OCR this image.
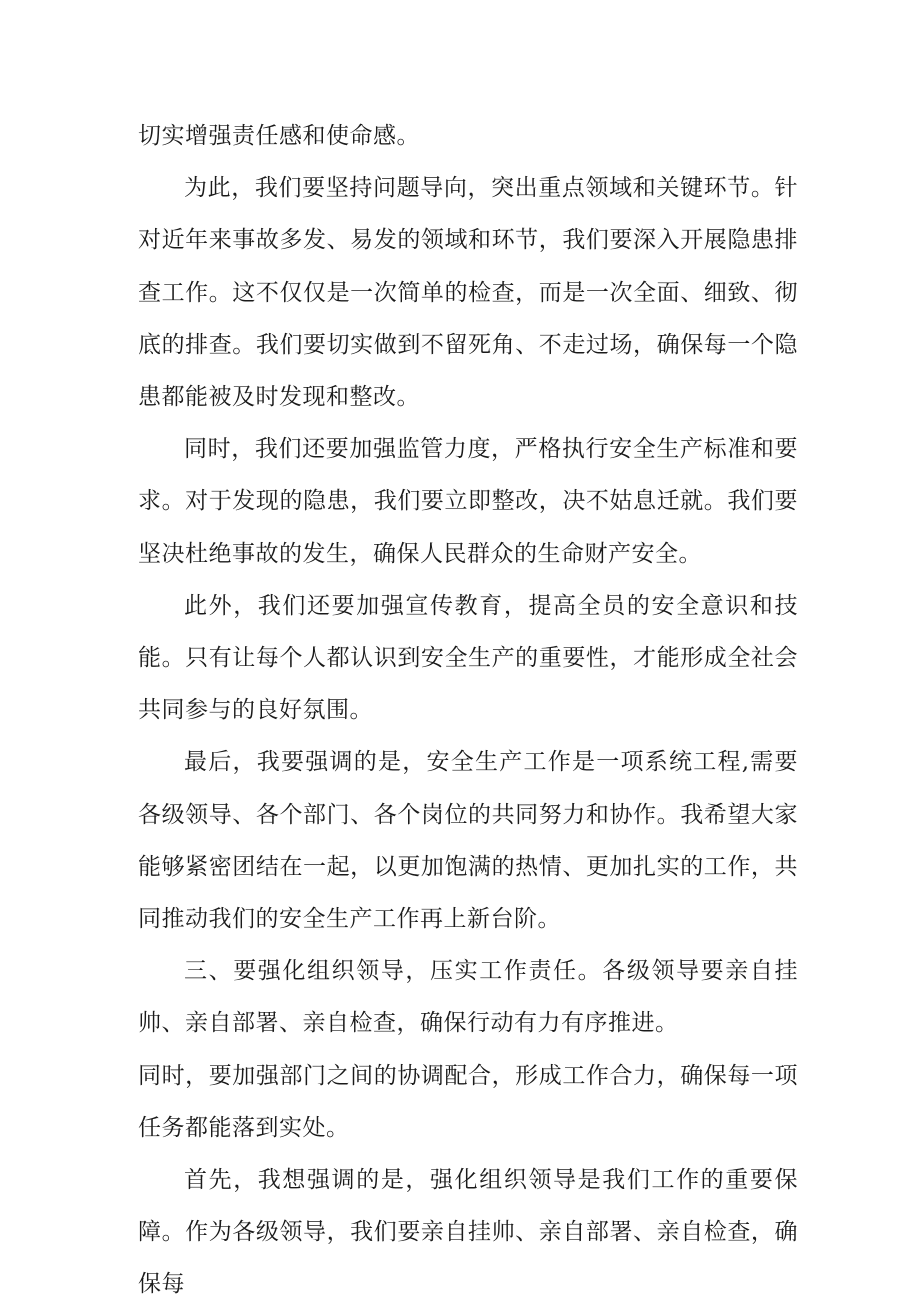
切实增强责任感和使命感。

为此，我们要坚持问题导向，突出重点领域和关键环节。针对近年来事故多发、易发的领域和环节，我们要深入开展隐患排查工作。这不仅仅是一次简单的检查，而是一次全面、细致、彻底的排查。我们要切实做到不留死角、不走过场，确保每一个隐患都能被及时发现和整改。

同时，我们还要加强监管力度，严格执行安全生产标准和要求。对于发现的隐患，我们要立即整改，决不姑息迁就。我们要坚决杜绝事故的发生，确保人民群众的生命财产安全。

此外，我们还要加强宣传教育，提高全员的安全意识和技能。只有让每个人都认识到安全生产的重要性，才能形成全社会共同参与的良好氛围。

最后，我要强调的是，安全生产工作是一项系统工程,需要各级领导、各个部门、各个岗位的共同努力和协作。我希望大家能够紧密团结在一起，以更加饱满的热情、更加扎实的工作，共同推动我们的安全生产工作再上新台阶。

三、要强化组织领导，压实工作责任。各级领导要亲自挂帅、亲自部署、亲自检查，确保行动有力有序推进。

同时，要加强部门之间的协调配合，形成工作合力，确保每一项任务都能落到实处。

首先，我想强调的是，强化组织领导是我们工作的重要保障。作为各级领导，我们要亲自挂帅、亲自部署、亲自检查，确保每
